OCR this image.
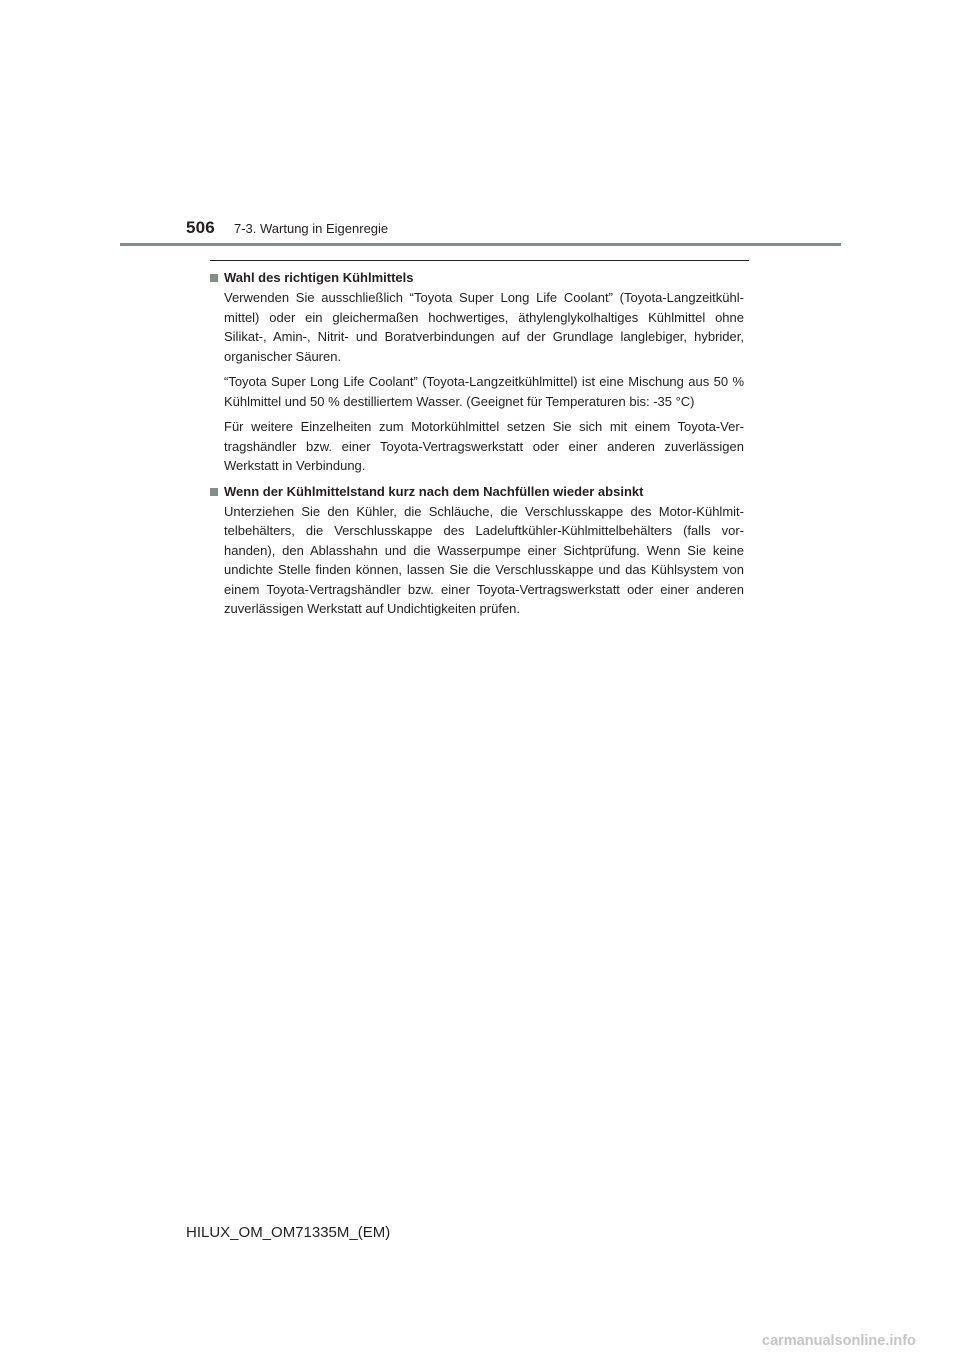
506 7-3. Wartung in Eigenregie
Wahl des richtigen Kühlmittels

Verwenden Sie ausschließlich “Toyota Super Long Life Coolant” (Toyota-Langzeitkühlmittel) oder ein gleichermaßen hochwertiges, äthylenglykolhaltiges Kühlmittel ohne Silikat-, Amin-, Nitrit- und Boratverbindungen auf der Grundlage langlebiger, hybrider, organischer Säuren.

“Toyota Super Long Life Coolant” (Toyota-Langzeitkühlmittel) ist eine Mischung aus 50 % Kühlmittel und 50 % destilliertem Wasser. (Geeignet für Temperaturen bis: -35 °C)

Für weitere Einzelheiten zum Motorkühlmittel setzen Sie sich mit einem Toyota-Vertragshändler bzw. einer Toyota-Vertragswerkstatt oder einer anderen zuverlässigen Werkstatt in Verbindung.

Wenn der Kühlmittelstand kurz nach dem Nachfüllen wieder absinkt

Unterziehen Sie den Kühler, die Schläuche, die Verschlusskappe des Motor-Kühlmittelbehälters, die Verschlusskappe des Ladeluftkühler-Kühlmittelbehälters (falls vorhanden), den Ablasshahn und die Wasserpumpe einer Sichtprüfung. Wenn Sie keine undichte Stelle finden können, lassen Sie die Verschlusskappe und das Kühlsystem von einem Toyota-Vertragshändler bzw. einer Toyota-Vertragswerkstatt oder einer anderen zuverlässigen Werkstatt auf Undichtigkeiten prüfen.

HILUX_OM_OM71335M_(EM)
carmanualsonline.info
